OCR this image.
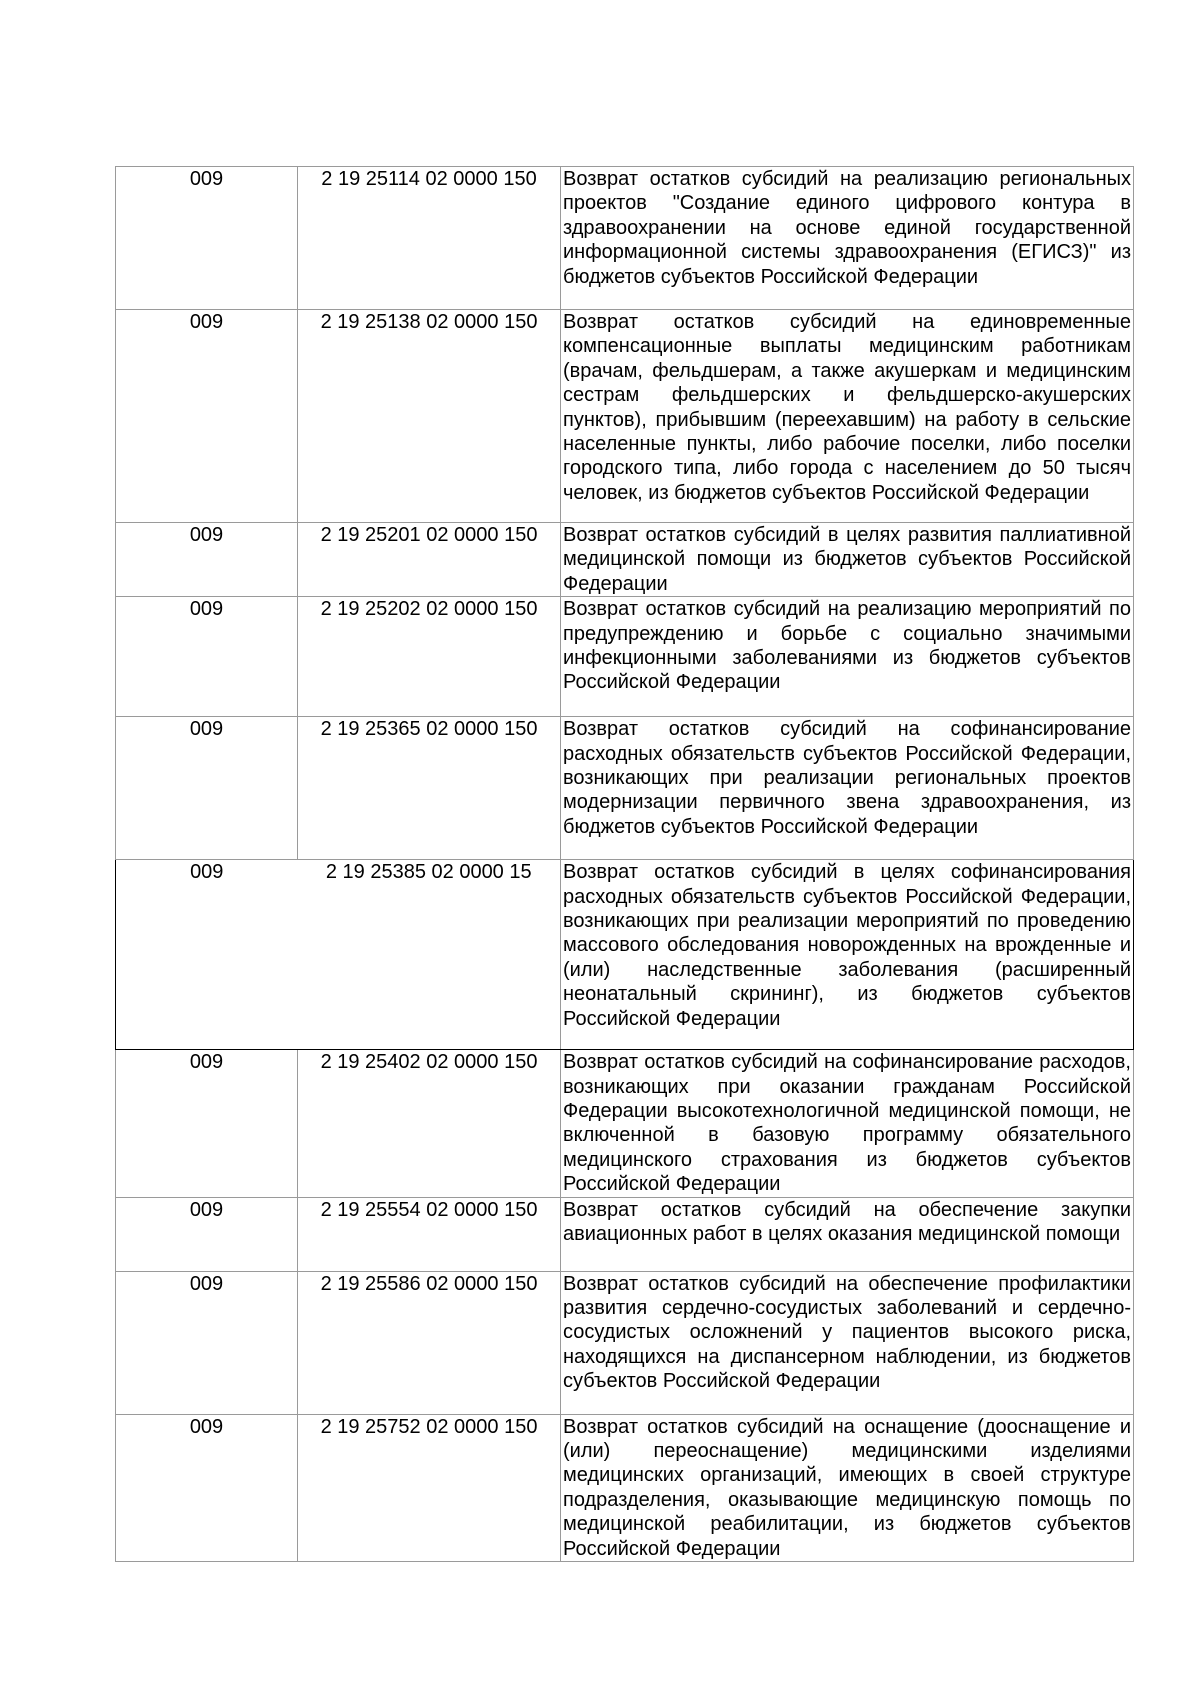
009	2 19 25114 02 0000 150	Возврат остатков субсидий на реализацию региональных проектов "Создание единого цифрового контура в здравоохранении на основе единой государственной информационной системы здравоохранения (ЕГИСЗ)" из бюджетов субъектов Российской Федерации
009	2 19 25138 02 0000 150	Возврат остатков субсидий на единовременные компенсационные выплаты медицинским работникам (врачам, фельдшерам, а также акушеркам и медицинским сестрам фельдшерских и фельдшерско-акушерских пунктов), прибывшим (переехавшим) на работу в сельские населенные пункты, либо рабочие поселки, либо поселки городского типа, либо города с населением до 50 тысяч человек, из бюджетов субъектов Российской Федерации
009	2 19 25201 02 0000 150	Возврат остатков субсидий в целях развития паллиативной медицинской помощи из бюджетов субъектов Российской Федерации
009	2 19 25202 02 0000 150	Возврат остатков субсидий на реализацию мероприятий по предупреждению и борьбе с социально значимыми инфекционными заболеваниями из бюджетов субъектов Российской Федерации
009	2 19 25365 02 0000 150	Возврат остатков субсидий на софинансирование расходных обязательств субъектов Российской Федерации, возникающих при реализации региональных проектов модернизации первичного звена здравоохранения, из бюджетов субъектов Российской Федерации
009	2 19 25385 02 0000 15	Возврат остатков субсидий в целях софинансирования расходных обязательств субъектов Российской Федерации, возникающих при реализации мероприятий по проведению массового обследования новорожденных на врожденные и (или) наследственные заболевания (расширенный неонатальный скрининг), из бюджетов субъектов Российской Федерации
009	2 19 25402 02 0000 150	Возврат остатков субсидий на софинансирование расходов, возникающих при оказании гражданам Российской Федерации высокотехнологичной медицинской помощи, не включенной в базовую программу обязательного медицинского страхования из бюджетов субъектов Российской Федерации
009	2 19 25554 02 0000 150	Возврат остатков субсидий на обеспечение закупки авиационных работ в целях оказания медицинской помощи
009	2 19 25586 02 0000 150	Возврат остатков субсидий на обеспечение профилактики развития сердечно-сосудистых заболеваний и сердечно-сосудистых осложнений у пациентов высокого риска, находящихся на диспансерном наблюдении, из бюджетов субъектов Российской Федерации
009	2 19 25752 02 0000 150	Возврат остатков субсидий на оснащение (дооснащение и (или) переоснащение) медицинскими изделиями медицинских организаций, имеющих в своей структуре подразделения, оказывающие медицинскую помощь по медицинской реабилитации, из бюджетов субъектов Российской Федерации
